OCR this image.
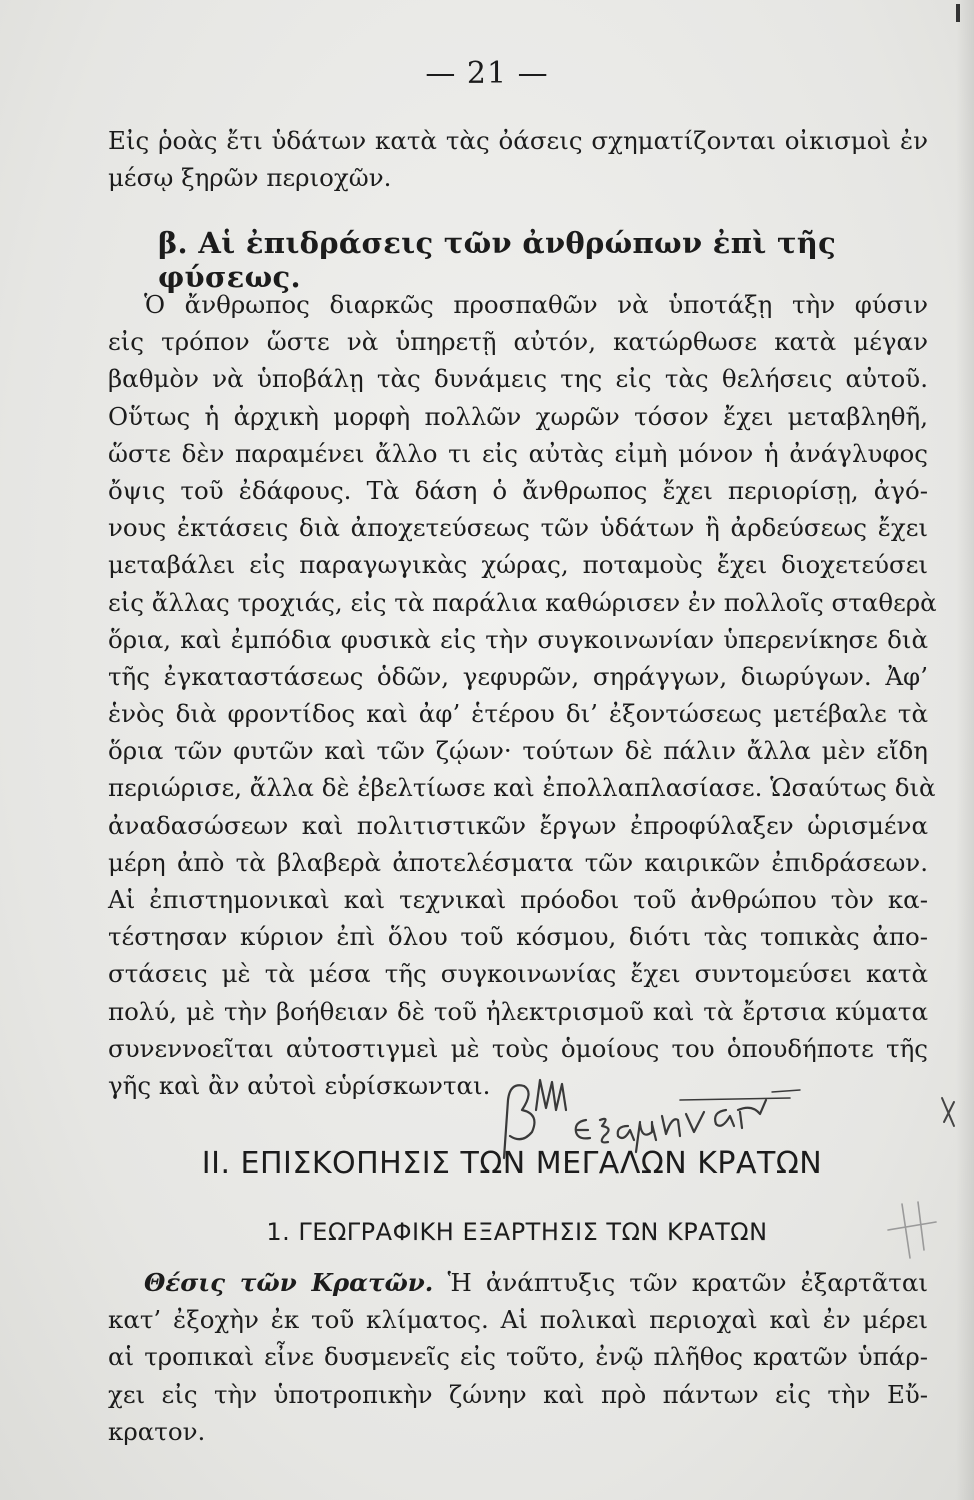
— 21 —
Εἰς ῥοὰς ἔτι ὑδάτων κατὰ τὰς ὀάσεις σχηματίζονται οἰκισμοὶ ἐν
μέσῳ ξηρῶν περιοχῶν.
β. Αἱ ἐπιδράσεις τῶν ἀνθρώπων ἐπὶ τῆς φύσεως.
Ὁ ἄνθρωπος διαρκῶς προσπαθῶν νὰ ὑποτάξῃ τὴν φύσιν
εἰς τρόπον ὥστε νὰ ὑπηρετῇ αὐτόν, κατώρθωσε κατὰ μέγαν
βαθμὸν νὰ ὑποβάλῃ τὰς δυνάμεις της εἰς τὰς θελήσεις αὐτοῦ.
Οὕτως ἡ ἀρχικὴ μορφὴ πολλῶν χωρῶν τόσον ἔχει μεταβληθῆ,
ὥστε δὲν παραμένει ἄλλο τι εἰς αὐτὰς εἰμὴ μόνον ἡ ἀνάγλυφος
ὄψις τοῦ ἐδάφους. Τὰ δάση ὁ ἄνθρωπος ἔχει περιορίσῃ, ἀγό-
νους ἐκτάσεις διὰ ἀποχετεύσεως τῶν ὑδάτων ἢ ἀρδεύσεως ἔχει
μεταβάλει εἰς παραγωγικὰς χώρας, ποταμοὺς ἔχει διοχετεύσει
εἰς ἄλλας τροχιάς, εἰς τὰ παράλια καθώρισεν ἐν πολλοῖς σταθερὰ
ὅρια, καὶ ἐμπόδια φυσικὰ εἰς τὴν συγκοινωνίαν ὑπερενίκησε διὰ
τῆς ἐγκαταστάσεως ὁδῶν, γεφυρῶν, σηράγγων, διωρύγων. Ἀφ’
ἑνὸς διὰ φροντίδος καὶ ἀφ’ ἑτέρου δι’ ἐξοντώσεως μετέβαλε τὰ
ὅρια τῶν φυτῶν καὶ τῶν ζῴων· τούτων δὲ πάλιν ἄλλα μὲν εἴδη
περιώρισε, ἄλλα δὲ ἐβελτίωσε καὶ ἐπολλαπλασίασε. Ὡσαύτως διὰ
ἀναδασώσεων καὶ πολιτιστικῶν ἔργων ἐπροφύλαξεν ὡρισμένα
μέρη ἀπὸ τὰ βλαβερὰ ἀποτελέσματα τῶν καιρικῶν ἐπιδράσεων.
Αἱ ἐπιστημονικαὶ καὶ τεχνικαὶ πρόοδοι τοῦ ἀνθρώπου τὸν κα-
τέστησαν κύριον ἐπὶ ὅλου τοῦ κόσμου, διότι τὰς τοπικὰς ἀπο-
στάσεις μὲ τὰ μέσα τῆς συγκοινωνίας ἔχει συντομεύσει κατὰ
πολύ, μὲ τὴν βοήθειαν δὲ τοῦ ἠλεκτρισμοῦ καὶ τὰ ἔρτσια κύματα
συνεννοεῖται αὐτοστιγμεὶ μὲ τοὺς ὁμοίους του ὁπουδήποτε τῆς
γῆς καὶ ἂν αὐτοὶ εὑρίσκωνται.
II. ΕΠΙΣΚΟΠΗΣΙΣ ΤΩΝ ΜΕΓΑΛΩΝ ΚΡΑΤΩΝ
1. ΓΕΩΓΡΑΦΙΚΗ ΕΞΑΡΤΗΣΙΣ ΤΩΝ ΚΡΑΤΩΝ
Θέσις τῶν Κρατῶν. Ἡ ἀνάπτυξις τῶν κρατῶν ἐξαρτᾶται
κατ’ ἐξοχὴν ἐκ τοῦ κλίματος. Αἱ πολικαὶ περιοχαὶ καὶ ἐν μέρει
αἱ τροπικαὶ εἶνε δυσμενεῖς εἰς τοῦτο, ἐνῷ πλῆθος κρατῶν ὑπάρ-
χει εἰς τὴν ὑποτροπικὴν ζώνην καὶ πρὸ πάντων εἰς τὴν Εὔ-
κρατον.
